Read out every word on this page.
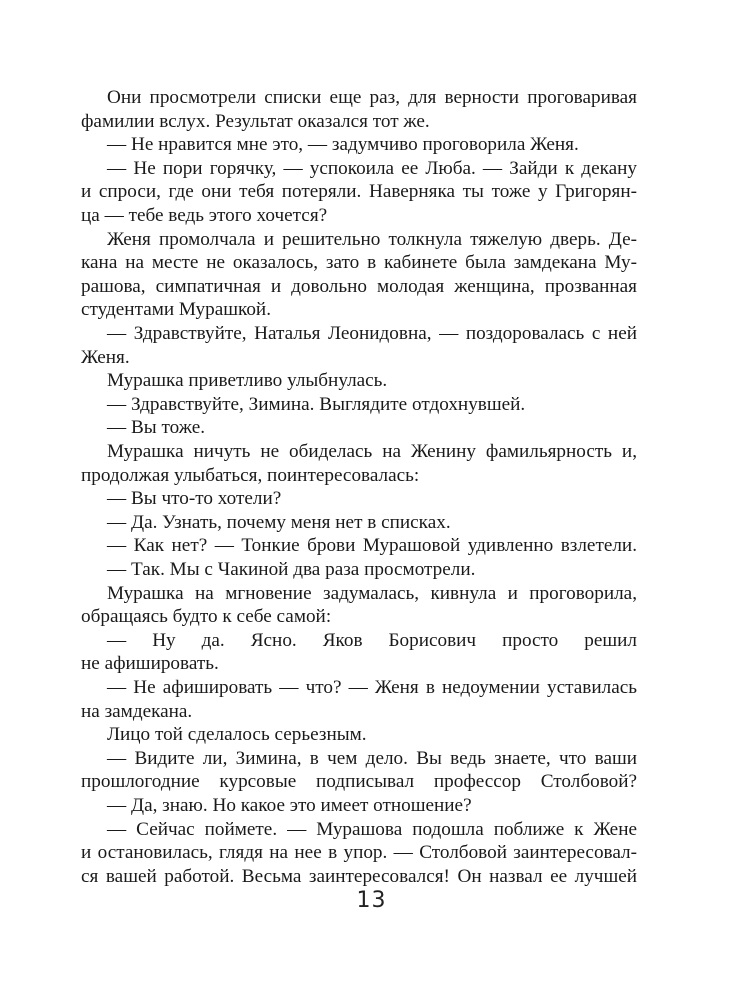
Они просмотрели списки еще раз, для верности проговаривая
фамилии вслух. Результат оказался тот же.
— Не нравится мне это, — задумчиво проговорила Женя.
— Не пори горячку, — успокоила ее Люба. — Зайди к декану
и спроси, где они тебя потеряли. Наверняка ты тоже у Григорян-
ца — тебе ведь этого хочется?
Женя промолчала и решительно толкнула тяжелую дверь. Де-
кана на месте не оказалось, зато в кабинете была замдекана Му-
рашова, симпатичная и довольно молодая женщина, прозванная
студентами Мурашкой.
— Здравствуйте, Наталья Леонидовна, — поздоровалась с ней
Женя.
Мурашка приветливо улыбнулась.
— Здравствуйте, Зимина. Выглядите отдохнувшей.
— Вы тоже.
Мурашка ничуть не обиделась на Женину фамильярность и,
продолжая улыбаться, поинтересовалась:
— Вы что-то хотели?
— Да. Узнать, почему меня нет в списках.
— Как нет? — Тонкие брови Мурашовой удивленно взлетели.
— Так. Мы с Чакиной два раза просмотрели.
Мурашка на мгновение задумалась, кивнула и проговорила,
обращаясь будто к себе самой:
— Ну да. Ясно. Яков Борисович просто решил
не афишировать.
— Не афишировать — что? — Женя в недоумении уставилась
на замдекана.
Лицо той сделалось серьезным.
— Видите ли, Зимина, в чем дело. Вы ведь знаете, что ваши
прошлогодние курсовые подписывал профессор Столбовой?
— Да, знаю. Но какое это имеет отношение?
— Сейчас поймете. — Мурашова подошла поближе к Жене
и остановилась, глядя на нее в упор. — Столбовой заинтересовал-
ся вашей работой. Весьма заинтересовался! Он назвал ее лучшей
13
